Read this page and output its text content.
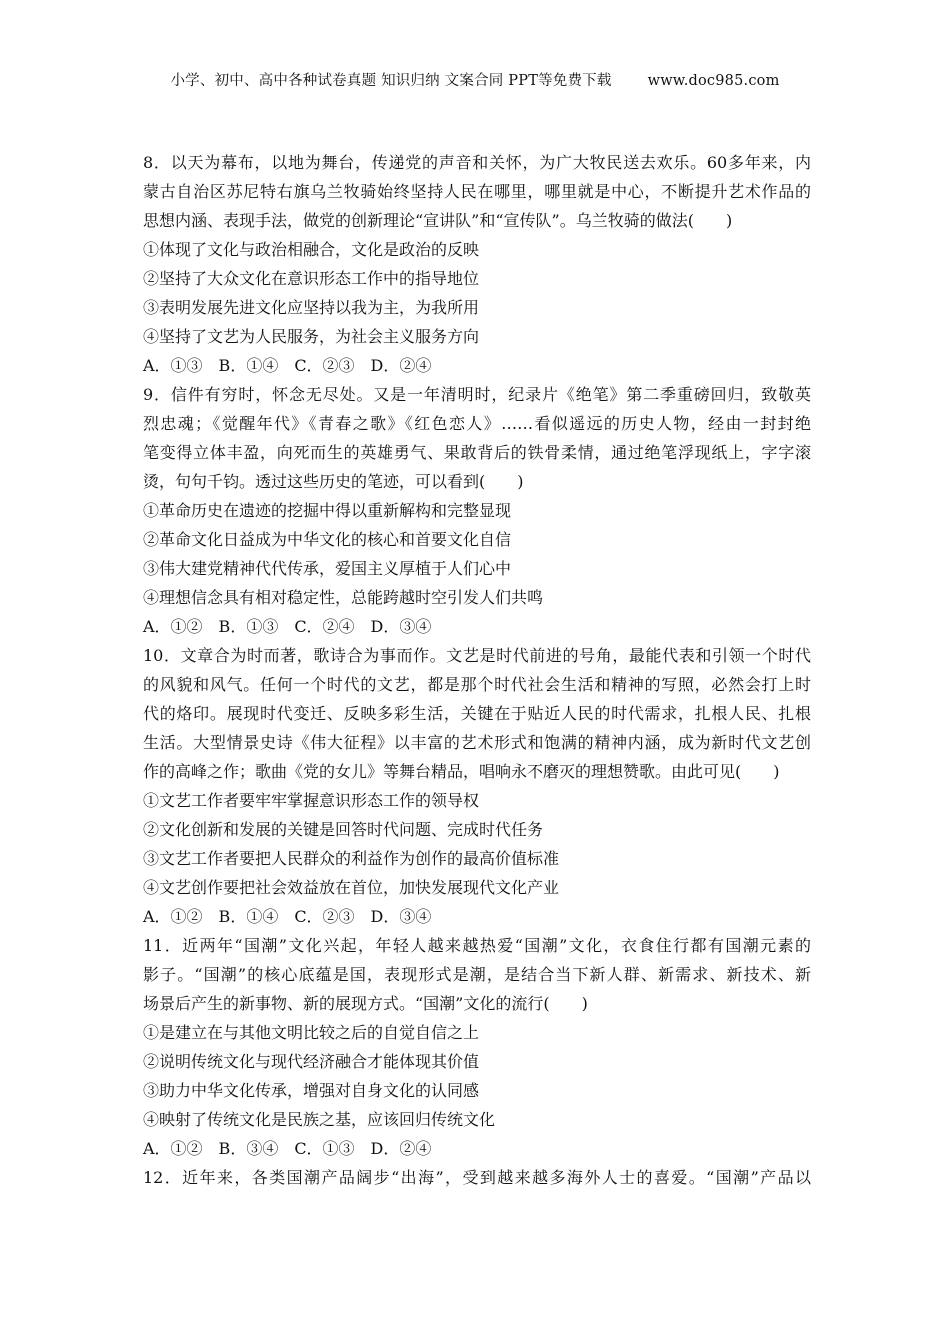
小学、初中、高中各种试卷真题 知识归纳 文案合同 PPT等免费下载 www.doc985.com
8．以天为幕布，以地为舞台，传递党的声音和关怀，为广大牧民送去欢乐。60多年来，内
蒙古自治区苏尼特右旗乌兰牧骑始终坚持人民在哪里，哪里就是中心，不断提升艺术作品的
思想内涵、表现手法，做党的创新理论“宣讲队”和“宣传队”。乌兰牧骑的做法(　　)
①体现了文化与政治相融合，文化是政治的反映
②坚持了大众文化在意识形态工作中的指导地位
③表明发展先进文化应坚持以我为主，为我所用
④坚持了文艺为人民服务，为社会主义服务方向
A．①③　B．①④　C．②③　D．②④
9．信件有穷时，怀念无尽处。又是一年清明时，纪录片《绝笔》第二季重磅回归，致敬英
烈忠魂；《觉醒年代》《青春之歌》《红色恋人》……看似遥远的历史人物，经由一封封绝
笔变得立体丰盈，向死而生的英雄勇气、果敢背后的铁骨柔情，通过绝笔浮现纸上，字字滚
烫，句句千钧。透过这些历史的笔迹，可以看到(　　)
①革命历史在遗迹的挖掘中得以重新解构和完整显现
②革命文化日益成为中华文化的核心和首要文化自信
③伟大建党精神代代传承，爱国主义厚植于人们心中
④理想信念具有相对稳定性，总能跨越时空引发人们共鸣
A．①②　B．①③　C．②④　D．③④
10．文章合为时而著，歌诗合为事而作。文艺是时代前进的号角，最能代表和引领一个时代
的风貌和风气。任何一个时代的文艺，都是那个时代社会生活和精神的写照，必然会打上时
代的烙印。展现时代变迁、反映多彩生活，关键在于贴近人民的时代需求，扎根人民、扎根
生活。大型情景史诗《伟大征程》以丰富的艺术形式和饱满的精神内涵，成为新时代文艺创
作的高峰之作；歌曲《党的女儿》等舞台精品，唱响永不磨灭的理想赞歌。由此可见(　　)
①文艺工作者要牢牢掌握意识形态工作的领导权
②文化创新和发展的关键是回答时代问题、完成时代任务
③文艺工作者要把人民群众的利益作为创作的最高价值标准
④文艺创作要把社会效益放在首位，加快发展现代文化产业
A．①②　B．①④　C．②③　D．③④
11．近两年“国潮”文化兴起，年轻人越来越热爱“国潮”文化，衣食住行都有国潮元素的
影子。“国潮”的核心底蕴是国，表现形式是潮，是结合当下新人群、新需求、新技术、新
场景后产生的新事物、新的展现方式。“国潮”文化的流行(　　)
①是建立在与其他文明比较之后的自觉自信之上
②说明传统文化与现代经济融合才能体现其价值
③助力中华文化传承，增强对自身文化的认同感
④映射了传统文化是民族之基，应该回归传统文化
A．①②　B．③④　C．①③　D．②④
12．近年来，各类国潮产品阔步“出海”，受到越来越多海外人士的喜爱。“国潮”产品以
